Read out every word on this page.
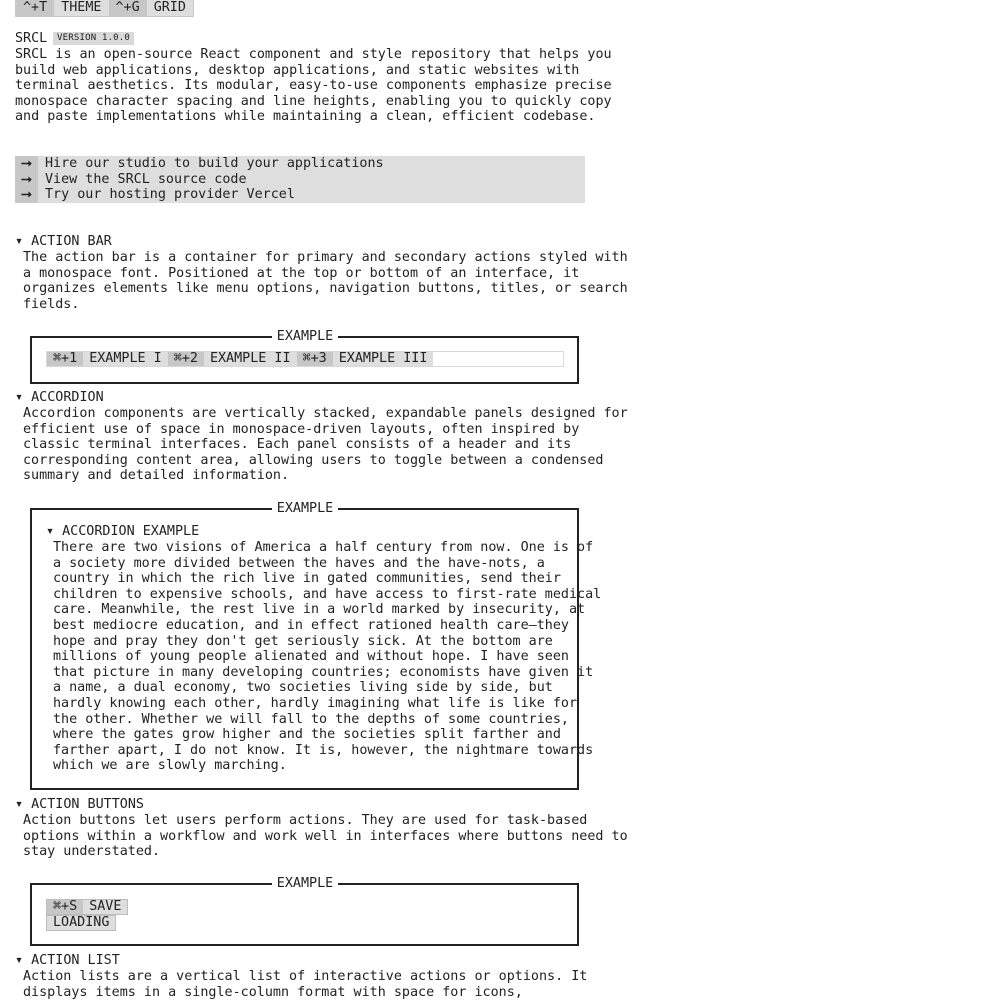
^+T	THEME	^+G	GRID
SRCL	VERSION 1.0.0
SRCL is an open-source React component and style repository that helps you
build web applications, desktop applications, and static websites with
terminal aesthetics. Its modular, easy-to-use components emphasize precise
monospace character spacing and line heights, enabling you to quickly copy
and paste implementations while maintaining a clean, efficient codebase.
⭢ Hire our studio to build your applications
⭢ View the SRCL source code
⭢ Try our hosting provider Vercel
▾ ACTION BAR
The action bar is a container for primary and secondary actions styled with
a monospace font. Positioned at the top or bottom of an interface, it
organizes elements like menu options, navigation buttons, titles, or search
fields.
EXAMPLE
⌘+1 EXAMPLE I ⌘+2 EXAMPLE II ⌘+3 EXAMPLE III
▾ ACCORDION
Accordion components are vertically stacked, expandable panels designed for
efficient use of space in monospace-driven layouts, often inspired by
classic terminal interfaces. Each panel consists of a header and its
corresponding content area, allowing users to toggle between a condensed
summary and detailed information.
EXAMPLE
▾ ACCORDION EXAMPLE
There are two visions of America a half century from now. One is of
a society more divided between the haves and the have-nots, a
country in which the rich live in gated communities, send their
children to expensive schools, and have access to first-rate medical
care. Meanwhile, the rest live in a world marked by insecurity, at
best mediocre education, and in effect rationed health care—they
hope and pray they don't get seriously sick. At the bottom are
millions of young people alienated and without hope. I have seen
that picture in many developing countries; economists have given it
a name, a dual economy, two societies living side by side, but
hardly knowing each other, hardly imagining what life is like for
the other. Whether we will fall to the depths of some countries,
where the gates grow higher and the societies split farther and
farther apart, I do not know. It is, however, the nightmare towards
which we are slowly marching.
▾ ACTION BUTTONS
Action buttons let users perform actions. They are used for task-based
options within a workflow and work well in interfaces where buttons need to
stay understated.
EXAMPLE
⌘+S SAVE
LOADING
▾ ACTION LIST
Action lists are a vertical list of interactive actions or options. It
displays items in a single-column format with space for icons,
